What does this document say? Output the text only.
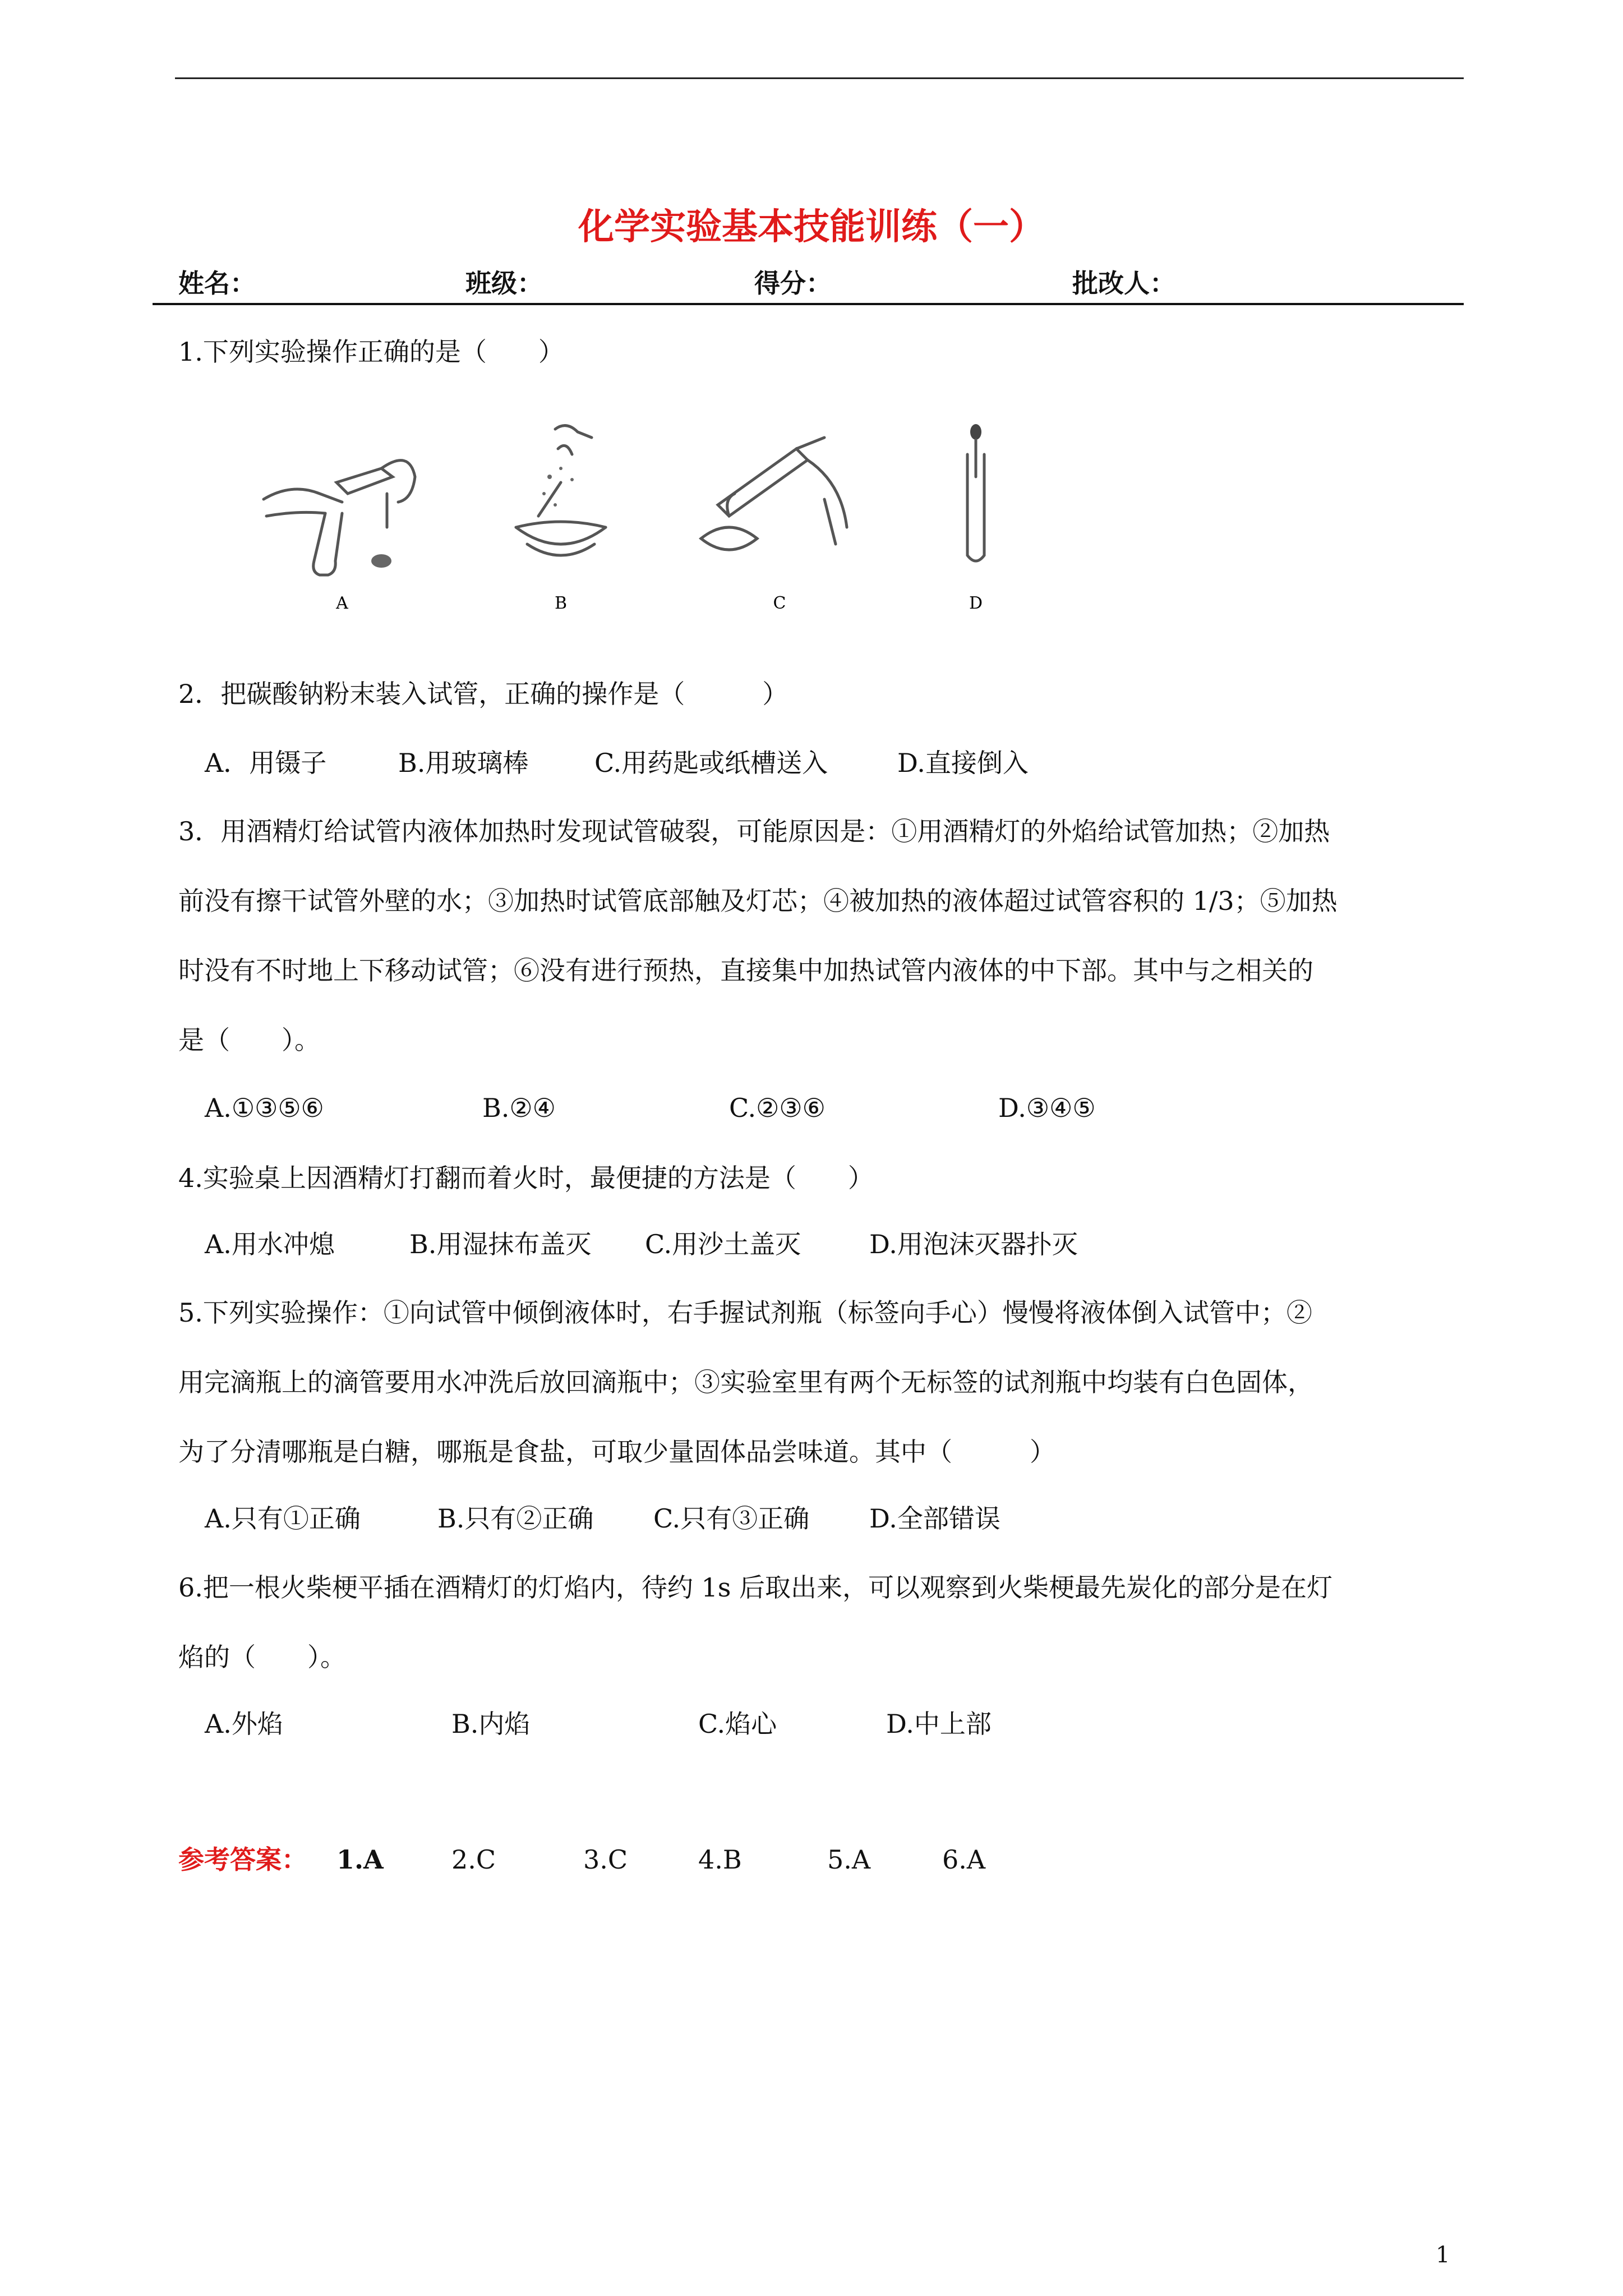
化学实验基本技能训练（一）
姓名：	班级：	得分：	批改人：
1.下列实验操作正确的是（　　）
A	B	C	D
2．把碳酸钠粉末装入试管，正确的操作是（　　　）
A．用镊子	B.用玻璃棒	C.用药匙或纸槽送入	D.直接倒入
3．用酒精灯给试管内液体加热时发现试管破裂，可能原因是：①用酒精灯的外焰给试管加热；②加热
前没有擦干试管外壁的水；③加热时试管底部触及灯芯；④被加热的液体超过试管容积的 1/3；⑤加热
时没有不时地上下移动试管；⑥没有进行预热，直接集中加热试管内液体的中下部。其中与之相关的
是（　　）。
A.①③⑤⑥	B.②④	C.②③⑥	D.③④⑤
4.实验桌上因酒精灯打翻而着火时，最便捷的方法是（　　）
A.用水冲熄	B.用湿抹布盖灭 C.用沙土盖灭	D.用泡沫灭器扑灭
5.下列实验操作：①向试管中倾倒液体时，右手握试剂瓶（标签向手心）慢慢将液体倒入试管中；②
用完滴瓶上的滴管要用水冲洗后放回滴瓶中；③实验室里有两个无标签的试剂瓶中均装有白色固体，
为了分清哪瓶是白糖，哪瓶是食盐，可取少量固体品尝味道。其中（　　　）
A.只有①正确	B.只有②正确 C.只有③正确 D.全部错误
6.把一根火柴梗平插在酒精灯的灯焰内，待约 1s 后取出来，可以观察到火柴梗最先炭化的部分是在灯
焰的（　　）。
A.外焰	B.内焰	C.焰心	D.中上部
参考答案： 1.A	2.C	3.C	4.B	5.A	6.A
1
